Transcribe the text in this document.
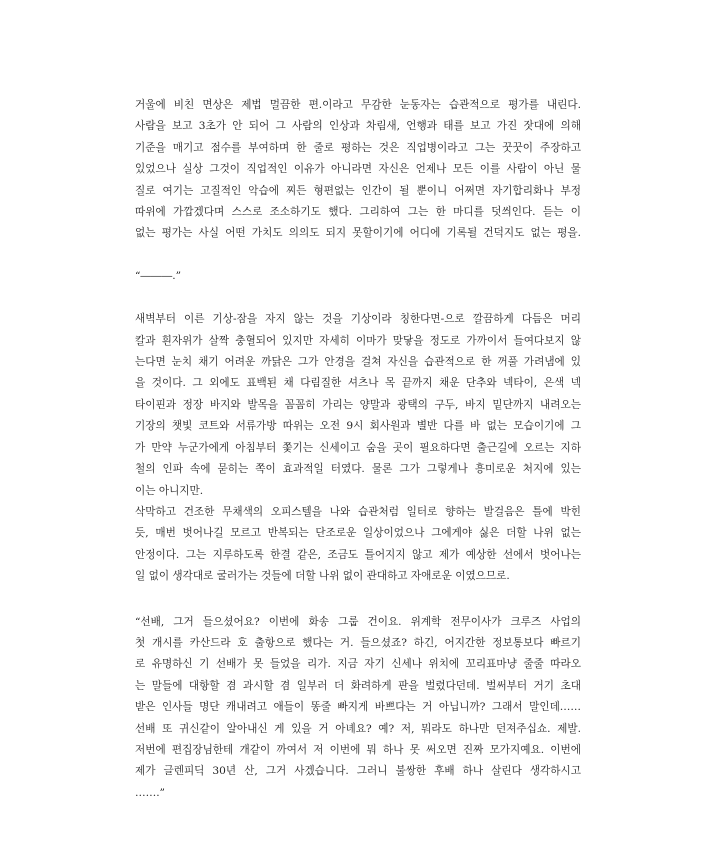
거울에 비친 면상은 제법 멀끔한 편.이라고 무감한 눈동자는 습관적으로 평가를 내린다.
사람을 보고 3초가 안 되어 그 사람의 인상과 차림새, 언행과 태를 보고 가진 잣대에 의해
기준을 매기고 점수를 부여하며 한 줄로 평하는 것은 직업병이라고 그는 꿋꿋이 주장하고
있었으나 실상 그것이 직업적인 이유가 아니라면 자신은 언제나 모든 이를 사람이 아닌 물
질로 여기는 고질적인 악습에 찌든 형편없는 인간이 될 뿐이니 어쩌면 자기합리화나 부정
따위에 가깝겠다며 스스로 조소하기도 했다. 그리하여 그는 한 마디를 덧씌인다. 듣는 이
없는 평가는 사실 어떤 가치도 의의도 되지 못할이기에 어디에 기록될 건덕지도 없는 평을.

“―――.”

새벽부터 이른 기상-잠을 자지 않는 것을 기상이라 칭한다면-으로 깔끔하게 다듬은 머리
칼과 흰자위가 살짝 충혈되어 있지만 자세히 이마가 맞닿을 정도로 가까이서 들여다보지 않
는다면 눈치 채기 어려운 까닭은 그가 안경을 걸쳐 자신을 습관적으로 한 꺼풀 가려냄에 있
을 것이다. 그 외에도 표백된 채 다림질한 셔츠나 목 끝까지 채운 단추와 넥타이, 은색 넥
타이핀과 정장 바지와 발목을 꼼꼼히 가리는 양말과 광택의 구두, 바지 밑단까지 내려오는
기장의 챗빛 코트와 서류가방 따위는 오전 9시 회사원과 별반 다를 바 없는 모습이기에 그
가 만약 누군가에게 아침부터 쫓기는 신세이고 숨을 곳이 필요하다면 출근길에 오르는 지하
철의 인파 속에 묻히는 쪽이 효과적일 터였다. 물론 그가 그렇게나 흥미로운 처지에 있는
이는 아니지만.

삭막하고 건조한 무채색의 오피스텔을 나와 습관처럼 일터로 향하는 발걸음은 틀에 박힌
듯, 매번 벗어나길 모르고 반복되는 단조로운 일상이었으나 그에게야 싫은 더할 나위 없는
안정이다. 그는 지루하도록 한결 같은, 조금도 틀어지지 않고 제가 예상한 선에서 벗어나는
일 없이 생각대로 굴러가는 것들에 더할 나위 없이 관대하고 자애로운 이였으므로.

“선배, 그거 들으셨어요? 이번에 화송 그룹 건이요. 위계학 전무이사가 크루즈 사업의
첫 개시를 카산드라 호 출항으로 했다는 거. 들으셨죠? 하긴, 어지간한 정보통보다 빠르기
로 유명하신 기 선배가 못 들었을 리가. 지금 자기 신세나 위치에 꼬리표마냥 줄줄 따라오
는 말들에 대항할 겸 과시할 겸 일부러 더 화려하게 판을 벌렸다던데. 벌써부터 거기 초대
받은 인사들 명단 캐내려고 애들이 똥줄 빠지게 바쁘다는 거 아닙니까? 그래서 말인데……
선배 또 귀신같이 알아내신 게 있을 거 아녜요? 예? 저, 뭐라도 하나만 던져주십쇼. 제발.
저번에 편집장님한테 개같이 까여서 저 이번에 뭐 하나 못 써오면 진짜 모가지예요. 이번에
제가 글렌피딕 30년 산, 그거 사겠습니다. 그러니 불쌍한 후배 하나 살린다 생각하시고
…….”
